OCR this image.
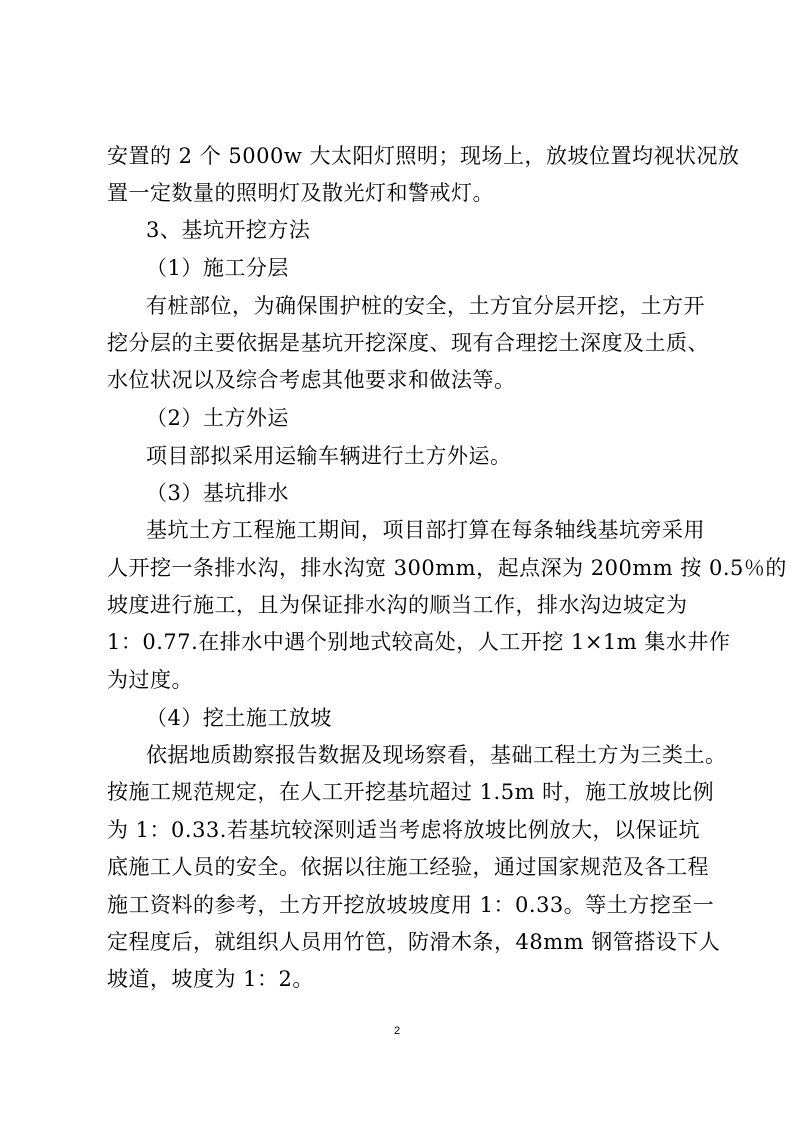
安置的 2 个 5000w 大太阳灯照明；现场上，放坡位置均视状况放
置一定数量的照明灯及散光灯和警戒灯。
3、基坑开挖方法
（1）施工分层
有桩部位，为确保围护桩的安全，土方宜分层开挖，土方开
挖分层的主要依据是基坑开挖深度、现有合理挖土深度及土质、
水位状况以及综合考虑其他要求和做法等。
（2）土方外运
项目部拟采用运输车辆进行土方外运。
（3）基坑排水
基坑土方工程施工期间，项目部打算在每条轴线基坑旁采用
人开挖一条排水沟，排水沟宽 300mm，起点深为 200mm 按 0.5％的
坡度进行施工，且为保证排水沟的顺当工作，排水沟边坡定为
1：0.77.在排水中遇个别地式较高处，人工开挖 1×1m 集水井作
为过度。
（4）挖土施工放坡
依据地质勘察报告数据及现场察看，基础工程土方为三类土。
按施工规范规定，在人工开挖基坑超过 1.5m 时，施工放坡比例
为 1：0.33.若基坑较深则适当考虑将放坡比例放大，以保证坑
底施工人员的安全。依据以往施工经验，通过国家规范及各工程
施工资料的参考，土方开挖放坡坡度用 1：0.33。等土方挖至一
定程度后，就组织人员用竹笆，防滑木条，48mm 钢管搭设下人
坡道，坡度为 1：2。
2
